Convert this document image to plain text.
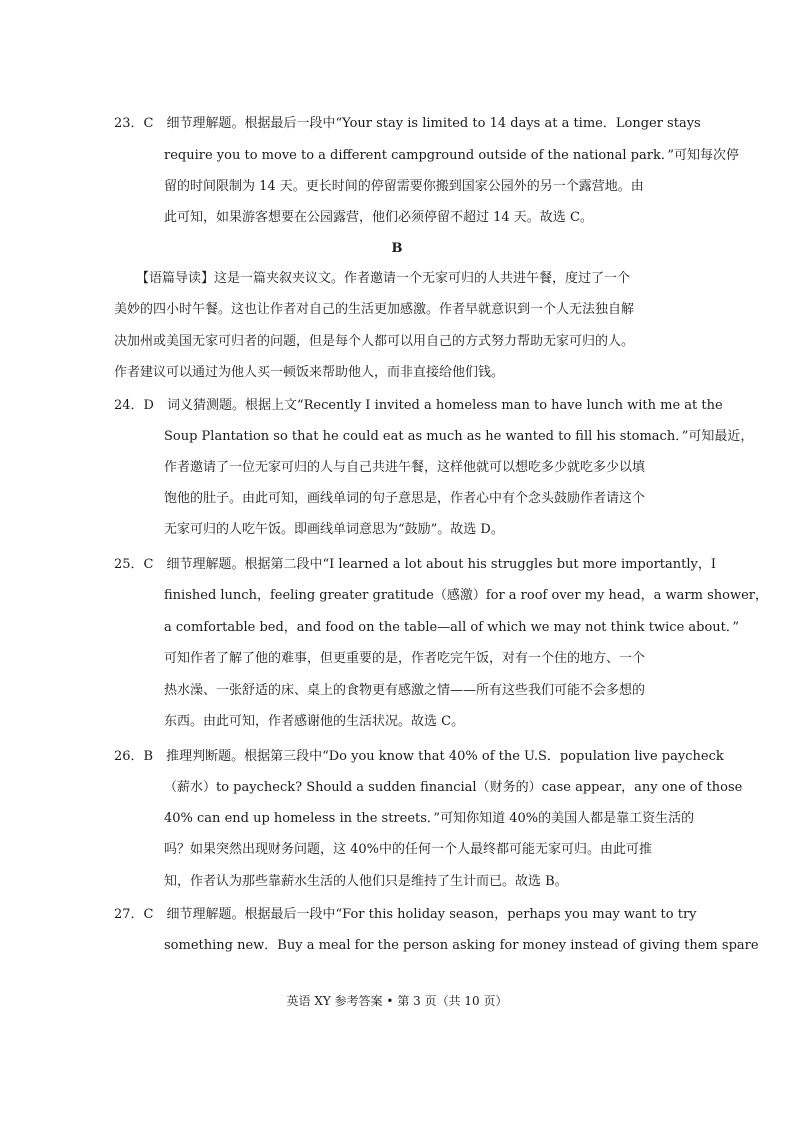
23．C　细节理解题。根据最后一段中“Your stay is limited to 14 days at a time．Longer stays
require you to move to a different campground outside of the national park．”可知每次停
留的时间限制为 14 天。更长时间的停留需要你搬到国家公园外的另一个露营地。由
此可知，如果游客想要在公园露营，他们必须停留不超过 14 天。故选 C。
B
【语篇导读】这是一篇夹叙夹议文。作者邀请一个无家可归的人共进午餐，度过了一个
美妙的四小时午餐。这也让作者对自己的生活更加感激。作者早就意识到一个人无法独自解
决加州或美国无家可归者的问题，但是每个人都可以用自己的方式努力帮助无家可归的人。
作者建议可以通过为他人买一顿饭来帮助他人，而非直接给他们钱。
24．D　词义猜测题。根据上文“Recently I invited a homeless man to have lunch with me at the
Soup Plantation so that he could eat as much as he wanted to fill his stomach．”可知最近，
作者邀请了一位无家可归的人与自己共进午餐，这样他就可以想吃多少就吃多少以填
饱他的肚子。由此可知，画线单词的句子意思是，作者心中有个念头鼓励作者请这个
无家可归的人吃午饭。即画线单词意思为“鼓励”。故选 D。
25．C　细节理解题。根据第二段中“I learned a lot about his struggles but more importantly，I
finished lunch，feeling greater gratitude（感激）for a roof over my head，a warm shower，
a comfortable bed，and food on the table—all of which we may not think twice about．”
可知作者了解了他的难事，但更重要的是，作者吃完午饭，对有一个住的地方、一个
热水澡、一张舒适的床、桌上的食物更有感激之情——所有这些我们可能不会多想的
东西。由此可知，作者感谢他的生活状况。故选 C。
26．B　推理判断题。根据第三段中“Do you know that 40% of the U.S．population live paycheck
（薪水）to paycheck? Should a sudden financial（财务的）case appear，any one of those
40% can end up homeless in the streets．”可知你知道 40%的美国人都是靠工资生活的
吗？如果突然出现财务问题，这 40%中的任何一个人最终都可能无家可归。由此可推
知，作者认为那些靠薪水生活的人他们只是维持了生计而已。故选 B。
27．C　细节理解题。根据最后一段中“For this holiday season，perhaps you may want to try
something new．Buy a meal for the person asking for money instead of giving them spare
英语 XY 参考答案 • 第 3 页（共 10 页）
